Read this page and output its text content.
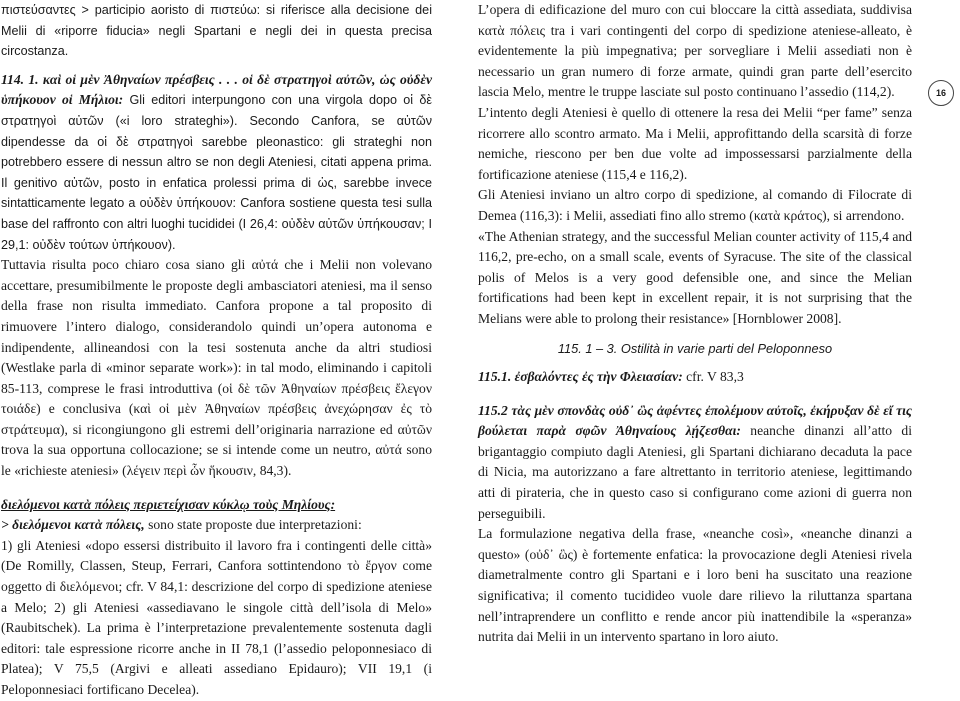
πιστεύσαντες > participio aoristo di πιστεύω: si riferisce alla decisione dei Melii di «riporre fiducia» negli Spartani e negli dei in questa precisa circostanza.

114. 1. καὶ οἱ μὲν Ἀθηναίων πρέσβεις . . . οἱ δὲ στρατηγοὶ αὐτῶν, ὡς οὐδὲν ὑπήκουον οἱ Μήλιοι: Gli editori interpungono con una virgola dopo οἱ δὲ στρατηγοὶ αὐτῶν («i loro strateghi»). Secondo Canfora, se αὐτῶν dipendesse da οἱ δὲ στρατηγοὶ sarebbe pleonastico: gli strateghi non potrebbero essere di nessun altro se non degli Ateniesi, citati appena prima. Il genitivo αὐτῶν, posto in enfatica prolessi prima di ὡς, sarebbe invece sintatticamente legato a οὐδὲν ὑπήκουον: Canfora sostiene questa tesi sulla base del raffronto con altri luoghi tucididei (I 26,4: οὐδὲν αὐτῶν ὑπήκουσαν; I 29,1: οὐδὲν τούτων ὑπήκουον).

Tuttavia risulta poco chiaro cosa siano gli αὐτά che i Melii non volevano accettare, presumibilmente le proposte degli ambasciatori ateniesi, ma il senso della frase non risulta immediato. Canfora propone a tal proposito di rimuovere l’intero dialogo, considerandolo quindi un’opera autonoma e indipendente, allineandosi con la tesi sostenuta anche da altri studiosi (Westlake parla di «minor separate work»): in tal modo, eliminando i capitoli 85-113, comprese le frasi introduttiva (οἱ δὲ τῶν Ἀθηναίων πρέσβεις ἔλεγον τοιάδε) e conclusiva (καὶ οἱ μὲν Ἀθηναίων πρέσβεις ἀνεχώρησαν ἐς τὸ στράτευμα), si ricongiungono gli estremi dell’originaria narrazione ed αὐτῶν trova la sua opportuna collocazione; se si intende come un neutro, αὐτά sono le «richieste ateniesi» (λέγειν περὶ ὧν ἥκουσιν, 84,3).

διελόμενοι κατὰ πόλεις περιετείχισαν κύκλῳ τοὺς Μηλίους:

> διελόμενοι κατὰ πόλεις, sono state proposte due interpretazioni:

1) gli Ateniesi «dopo essersi distribuito il lavoro fra i contingenti delle città» (De Romilly, Classen, Steup, Ferrari, Canfora sottintendono τὸ ἔργον come oggetto di διελόμενοι; cfr. V 84,1: descrizione del corpo di spedizione ateniese a Melo; 2) gli Ateniesi «assediavano le singole città dell’isola di Melo» (Raubitschek). La prima è l’interpretazione prevalentemente sostenuta dagli editori: tale espressione ricorre anche in II 78,1 (l’assedio peloponnesiaco di Platea); V 75,5 (Argivi e alleati assediano Epidauro); VII 19,1 (i Peloponnesiaci fortificano Decelea).

L’opera di edificazione del muro con cui bloccare la città assediata, suddivisa κατὰ πόλεις tra i vari contingenti del corpo di spedizione ateniese-alleato, è evidentemente la più impegnativa; per sorvegliare i Melii assediati non è necessario un gran numero di forze armate, quindi gran parte dell’esercito lascia Melo, mentre le truppe lasciate sul posto continuano l’assedio (114,2).

L’intento degli Ateniesi è quello di ottenere la resa dei Melii “per fame” senza ricorrere allo scontro armato. Ma i Melii, approfittando della scarsità di forze nemiche, riescono per ben due volte ad impossessarsi parzialmente della fortificazione ateniese (115,4 e 116,2).

Gli Ateniesi inviano un altro corpo di spedizione, al comando di Filocrate di Demea (116,3): i Melii, assediati fino allo stremo (κατὰ κράτος), si arrendono.

«The Athenian strategy, and the successful Melian counter activity of 115,4 and 116,2, pre-echo, on a small scale, events of Syracuse. The site of the classical polis of Melos is a very good defensible one, and since the Melian fortifications had been kept in excellent repair, it is not surprising that the Melians were able to prolong their resistance» [Hornblower 2008].

115. 1 – 3. Ostilità in varie parti del Peloponneso

115.1. ἐσβαλόντες ἐς τὴν Φλειασίαν: cfr. V 83,3

115.2 τὰς μὲν σπονδὰς οὐδ᾽ ὣς ἀφέντες ἐπολέμουν αὐτοῖς, ἐκήρυξαν δὲ εἴ τις βούλεται παρὰ σφῶν Ἀθηναίους λῄζεσθαι: neanche dinanzi all’atto di brigantaggio compiuto dagli Ateniesi, gli Spartani dichiarano decaduta la pace di Nicia, ma autorizzano a fare altrettanto in territorio ateniese, legittimando atti di pirateria, che in questo caso si configurano come azioni di guerra non perseguibili.

La formulazione negativa della frase, «neanche così», «neanche dinanzi a questo» (οὐδ᾽ ὣς) è fortemente enfatica: la provocazione degli Ateniesi rivela diametralmente contro gli Spartani e i loro beni ha suscitato una reazione significativa; il comento tucidideo vuole dare rilievo la riluttanza spartana nell’intraprendere un conflitto e rende ancor più inattendibile la «speranza» nutrita dai Melii in un intervento spartano in loro aiuto.

16
